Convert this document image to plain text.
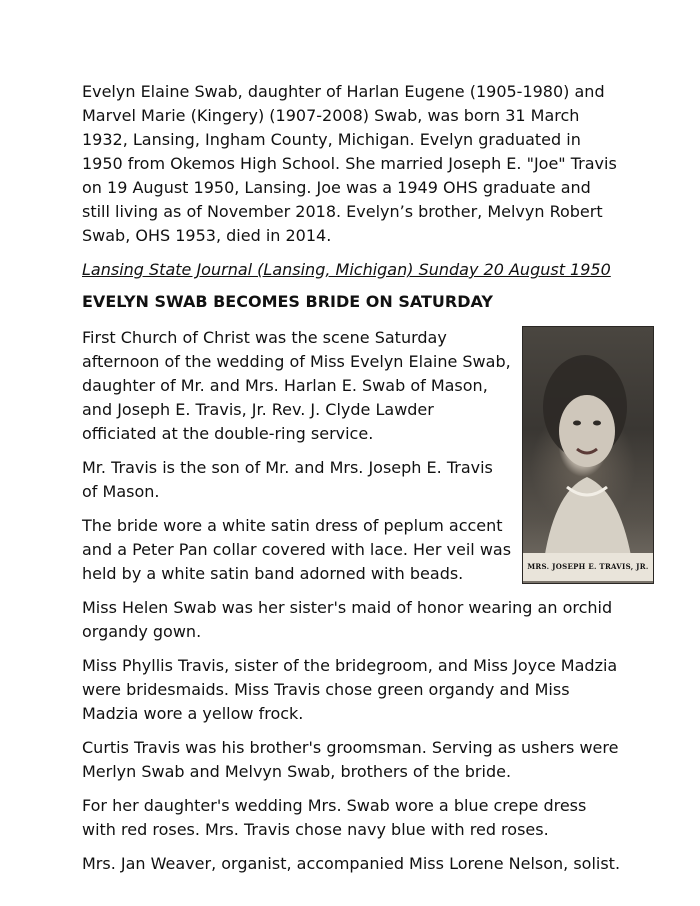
Evelyn Elaine Swab, daughter of Harlan Eugene (1905-1980) and Marvel Marie (Kingery) (1907-2008) Swab, was born 31 March 1932, Lansing, Ingham County, Michigan. Evelyn graduated in 1950 from Okemos High School. She married Joseph E. "Joe" Travis on 19 August 1950, Lansing. Joe was a 1949 OHS graduate and still living as of November 2018. Evelyn’s brother, Melvyn Robert Swab, OHS 1953, died in 2014.

Lansing State Journal (Lansing, Michigan) Sunday 20 August 1950

EVELYN SWAB BECOMES BRIDE ON SATURDAY

MRS. JOSEPH E. TRAVIS, JR.
First Church of Christ was the scene Saturday afternoon of the wedding of Miss Evelyn Elaine Swab, daughter of Mr. and Mrs. Harlan E. Swab of Mason, and Joseph E. Travis, Jr. Rev. J. Clyde Lawder officiated at the double-ring service.

Mr. Travis is the son of Mr. and Mrs. Joseph E. Travis of Mason.

The bride wore a white satin dress of peplum accent and a Peter Pan collar covered with lace. Her veil was held by a white satin band adorned with beads.

Miss Helen Swab was her sister's maid of honor wearing an orchid organdy gown.

Miss Phyllis Travis, sister of the bridegroom, and Miss Joyce Madzia were bridesmaids. Miss Travis chose green organdy and Miss Madzia wore a yellow frock.

Curtis Travis was his brother's groomsman. Serving as ushers were Merlyn Swab and Melvyn Swab, brothers of the bride.

For her daughter's wedding Mrs. Swab wore a blue crepe dress with red roses. Mrs. Travis chose navy blue with red roses.

Mrs. Jan Weaver, organist, accompanied Miss Lorene Nelson, solist.
